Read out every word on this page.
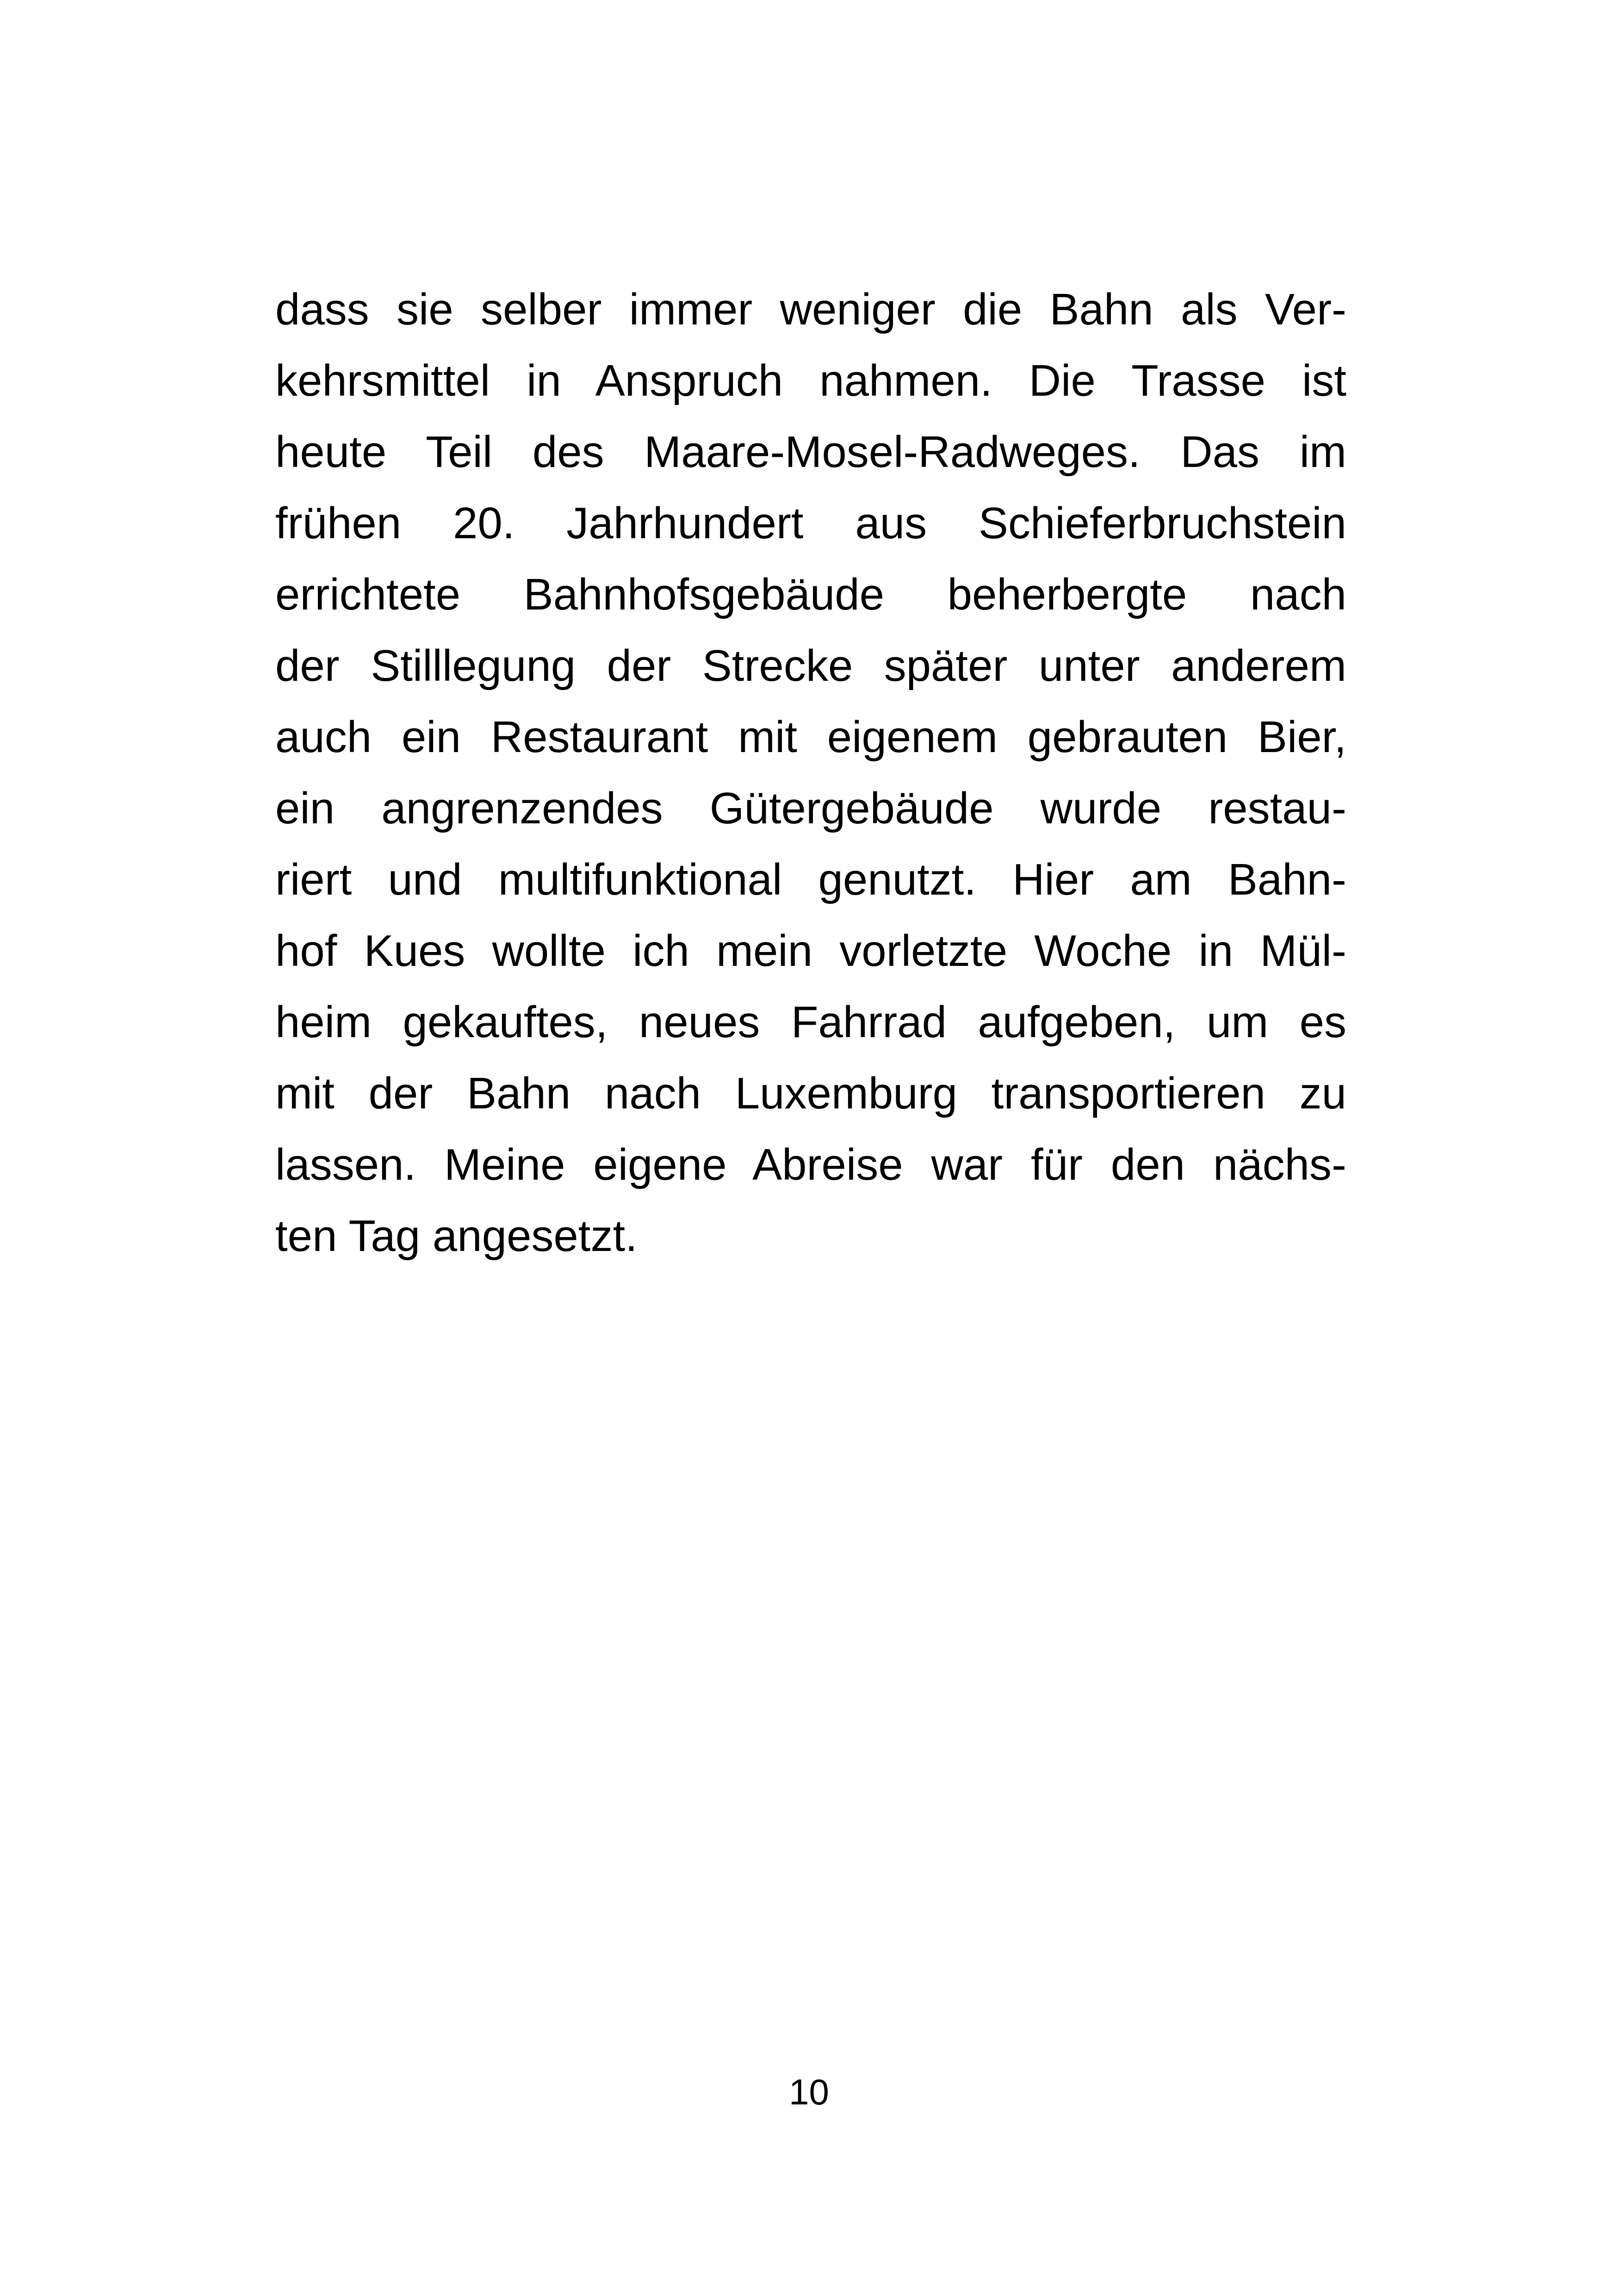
dass sie selber immer weniger die Bahn als Ver-
kehrsmittel in Anspruch nahmen. Die Trasse ist
heute Teil des Maare-Mosel-Radweges. Das im
frühen 20. Jahrhundert aus Schieferbruchstein
errichtete Bahnhofsgebäude beherbergte nach
der Stilllegung der Strecke später unter anderem
auch ein Restaurant mit eigenem gebrauten Bier,
ein angrenzendes Gütergebäude wurde restau-
riert und multifunktional genutzt. Hier am Bahn-
hof Kues wollte ich mein vorletzte Woche in Mül-
heim gekauftes, neues Fahrrad aufgeben, um es
mit der Bahn nach Luxemburg transportieren zu
lassen. Meine eigene Abreise war für den nächs-
ten Tag angesetzt.
10
